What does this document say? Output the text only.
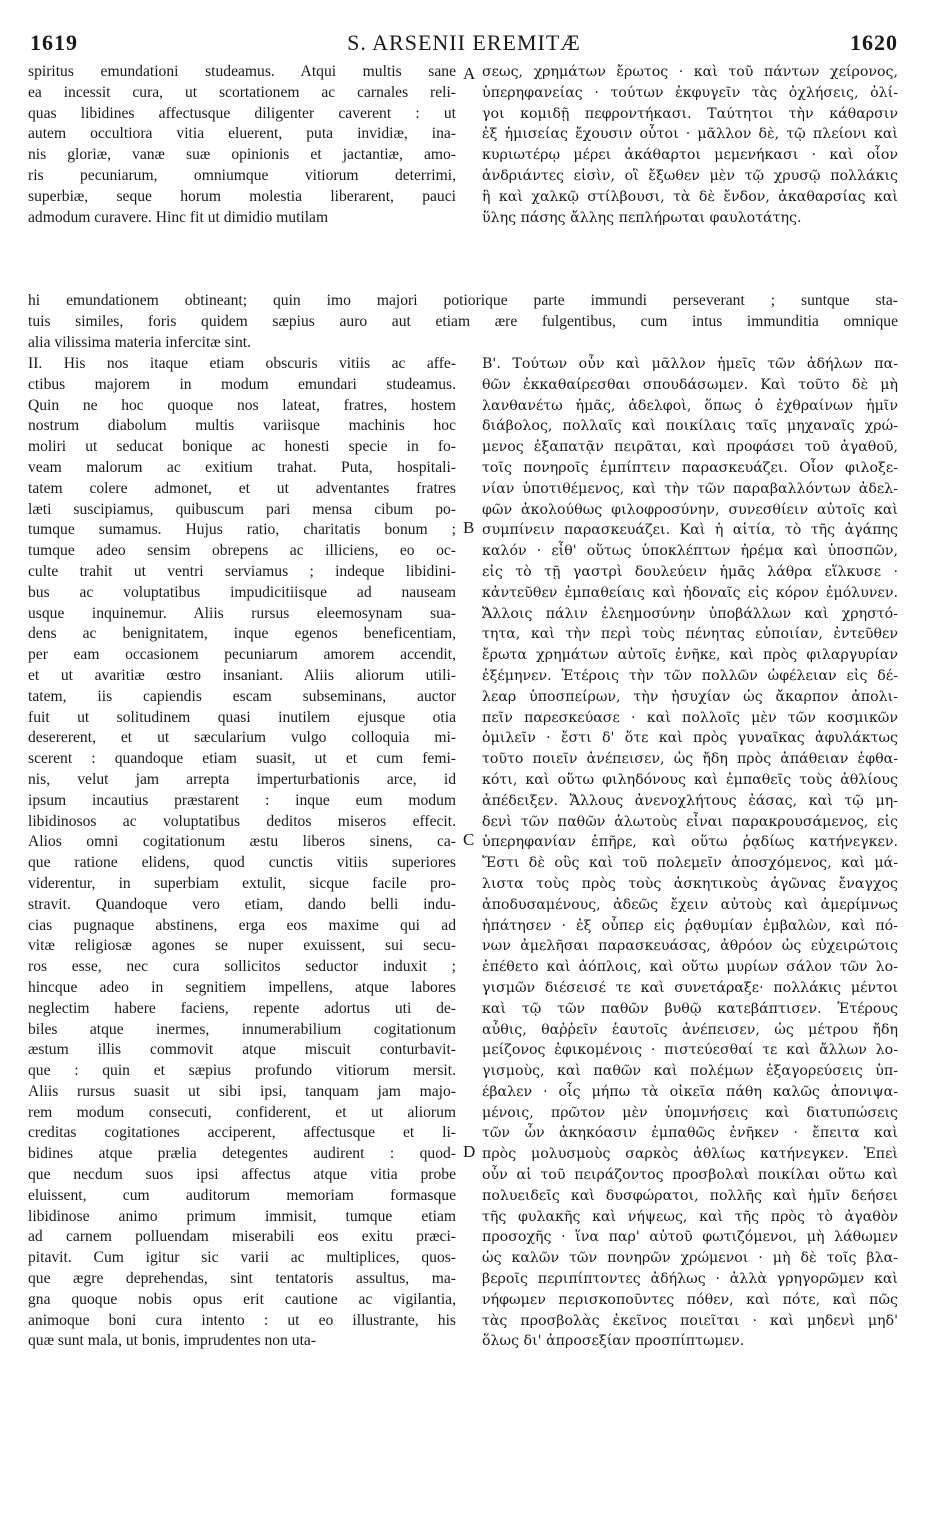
1619	S. ARSENII EREMITÆ	1620
spiritus emundationi studeamus. Atqui multis sane
ea incessit cura, ut scortationem ac carnales reli-
quas libidines affectusque diligenter caverent : ut
autem occultiora vitia eluerent, puta invidiæ, ina-
nis gloriæ, vanæ suæ opinionis et jactantiæ, amo-
ris pecuniarum, omniumque vitiorum deterrimi,
superbiæ, seque horum molestia liberarent, pauci
admodum curavere. Hinc fit ut dimidio mutilam
σεως, χρημάτων ἔρωτος · καὶ τοῦ πάντων χείρονος,
ὑπερηφανείας · τούτων ἐκφυγεῖν τὰς ὀχλήσεις, ὀλί-
γοι κομιδῇ πεφροντήκασι. Ταύτητοι τὴν κάθαρσιν
ἐξ ἡμισείας ἔχουσιν οὗτοι · μᾶλλον δὲ, τῷ πλείονι καὶ
κυριωτέρῳ μέρει ἀκάθαρτοι μεμενήκασι · καὶ οἷον
ἀνδριάντες εἰσὶν, οἳ ἔξωθεν μὲν τῷ χρυσῷ πολλάκις
ἢ καὶ χαλκῷ στίλβουσι, τὰ δὲ ἔνδον, ἀκαθαρσίας καὶ
ὕλης πάσης ἄλλης πεπλήρωται φαυλοτάτης.
hi emundationem obtineant; quin imo majori potiorique parte immundi perseverant ; suntque sta-
tuis similes, foris quidem sæpius auro aut etiam ære fulgentibus, cum intus immunditia omnique
alia vilissima materia infercitæ sint.
II. His nos itaque etiam obscuris vitiis ac affe-
ctibus majorem in modum emundari studeamus.
Quin ne hoc quoque nos lateat, fratres, hostem
nostrum diabolum multis variisque machinis hoc
moliri ut seducat bonique ac honesti specie in fo-
veam malorum ac exitium trahat. Puta, hospitali-
tatem colere admonet, et ut adventantes fratres
læti suscipiamus, quibuscum pari mensa cibum po-
tumque sumamus. Hujus ratio, charitatis bonum ;
tumque adeo sensim obrepens ac illiciens, eo oc-
culte trahit ut ventri serviamus ; indeque libidini-
bus ac voluptatibus impudicitiisque ad nauseam
usque inquinemur. Aliis rursus eleemosynam sua-
dens ac benignitatem, inque egenos beneficentiam,
per eam occasionem pecuniarum amorem accendit,
et ut avaritiæ œstro insaniant. Aliis aliorum utili-
tatem, iis capiendis escam subseminans, auctor
fuit ut solitudinem quasi inutilem ejusque otia
desererent, et ut sæcularium vulgo colloquia mi-
scerent : quandoque etiam suasit, ut et cum femi-
nis, velut jam arrepta imperturbationis arce, id
ipsum incautius præstarent : inque eum modum
libidinosos ac voluptatibus deditos miseros effecit.
Alios omni cogitationum æstu liberos sinens, ca-
que ratione elidens, quod cunctis vitiis superiores
viderentur, in superbiam extulit, sicque facile pro-
stravit. Quandoque vero etiam, dando belli indu-
cias pugnaque abstinens, erga eos maxime qui ad
vitæ religiosæ agones se nuper exuissent, sui secu-
ros esse, nec cura sollicitos seductor induxit ;
hincque adeo in segnitiem impellens, atque labores
neglectim habere faciens, repente adortus uti de-
biles atque inermes, innumerabilium cogitationum
æstum illis commovit atque miscuit conturbavit-
que : quin et sæpius profundo vitiorum mersit.
Aliis rursus suasit ut sibi ipsi, tanquam jam majo-
rem modum consecuti, confiderent, et ut aliorum
creditas cogitationes acciperent, affectusque et li-
bidines atque prælia detegentes audirent : quod-
que necdum suos ipsi affectus atque vitia probe
eluissent, cum auditorum memoriam formasque
libidinose animo primum immisit, tumque etiam
ad carnem polluendam miserabili eos exitu præci-
pitavit. Cum igitur sic varii ac multiplices, quos-
que ægre deprehendas, sint tentatoris assultus, ma-
gna quoque nobis opus erit cautione ac vigilantia,
animoque boni cura intento : ut eo illustrante, his
quæ sunt mala, ut bonis, imprudentes non uta-
Β'. Τούτων οὖν καὶ μᾶλλον ἡμεῖς τῶν ἀδήλων πα-
θῶν ἐκκαθαίρεσθαι σπουδάσωμεν. Καὶ τοῦτο δὲ μὴ
λανθανέτω ἡμᾶς, ἀδελφοὶ, ὅπως ὁ ἐχθραίνων ἡμῖν
διάβολος, πολλαῖς καὶ ποικίλαις ταῖς μηχαναῖς χρώ-
μενος ἐξαπατᾷν πειρᾶται, καὶ προφάσει τοῦ ἀγαθοῦ,
τοῖς πονηροῖς ἐμπίπτειν παρασκευάζει. Οἷον φιλοξε-
νίαν ὑποτιθέμενος, καὶ τὴν τῶν παραβαλλόντων ἀδελ-
φῶν ἀκολούθως φιλοφροσύνην, συνεσθίειν αὐτοῖς καὶ
συμπίνειν παρασκευάζει. Καὶ ἡ αἰτία, τὸ τῆς ἀγάπης
καλόν · εἶθ' οὕτως ὑποκλέπτων ἠρέμα καὶ ὑποσπῶν,
εἰς τὸ τῇ γαστρὶ δουλεύειν ἡμᾶς λάθρα εἵλκυσε ·
κἀντεῦθεν ἐμπαθείαις καὶ ἡδοναῖς εἰς κόρον ἐμόλυνεν.
Ἄλλοις πάλιν ἐλεημοσύνην ὑποβάλλων καὶ χρηστό-
τητα, καὶ τὴν περὶ τοὺς πένητας εὐποιίαν, ἐντεῦθεν
ἔρωτα χρημάτων αὐτοῖς ἐνῆκε, καὶ πρὸς φιλαργυρίαν
ἐξέμηνεν. Ἑτέροις τὴν τῶν πολλῶν ὠφέλειαν εἰς δέ-
λεαρ ὑποσπείρων, τὴν ἡσυχίαν ὡς ἄκαρπον ἀπολι-
πεῖν παρεσκεύασε · καὶ πολλοῖς μὲν τῶν κοσμικῶν
ὁμιλεῖν · ἔστι δ' ὅτε καὶ πρὸς γυναῖκας ἀφυλάκτως
τοῦτο ποιεῖν ἀνέπεισεν, ὡς ἤδη πρὸς ἀπάθειαν ἐφθα-
κότι, καὶ οὕτω φιληδόνους καὶ ἐμπαθεῖς τοὺς ἀθλίους
ἀπέδειξεν. Ἄλλους ἀνενοχλήτους ἐάσας, καὶ τῷ μη-
δενὶ τῶν παθῶν ἁλωτοὺς εἶναι παρακρουσάμενος, εἰς
ὑπερηφανίαν ἐπῆρε, καὶ οὕτω ῥᾳδίως κατήνεγκεν.
Ἔστι δὲ οὓς καὶ τοῦ πολεμεῖν ἀποσχόμενος, καὶ μά-
λιστα τοὺς πρὸς τοὺς ἀσκητικοὺς ἀγῶνας ἔναγχος
ἀποδυσαμένους, ἀδεῶς ἔχειν αὐτοὺς καὶ ἀμερίμνως
ἠπάτησεν · ἐξ οὗπερ εἰς ῥᾳθυμίαν ἐμβαλὼν, καὶ πό-
νων ἀμελῆσαι παρασκευάσας, ἀθρόον ὡς εὐχειρώτοις
ἐπέθετο καὶ ἀόπλοις, καὶ οὕτω μυρίων σάλον τῶν λο-
γισμῶν διέσεισέ τε καὶ συνετάραξε· πολλάκις μέντοι
καὶ τῷ τῶν παθῶν βυθῷ κατεβάπτισεν. Ἑτέρους
αὖθις, θαῤῥεῖν ἑαυτοῖς ἀνέπεισεν, ὡς μέτρου ἤδη
μείζονος ἐφικομένοις · πιστεύεσθαί τε καὶ ἄλλων λο-
γισμοὺς, καὶ παθῶν καὶ πολέμων ἐξαγορεύσεις ὑπ-
έβαλεν · οἷς μήπω τὰ οἰκεῖα πάθη καλῶς ἀπονιψα-
μένοις, πρῶτον μὲν ὑπομνήσεις καὶ διατυπώσεις
τῶν ὧν ἀκηκόασιν ἐμπαθῶς ἐνῆκεν · ἔπειτα καὶ
πρὸς μολυσμοὺς σαρκὸς ἀθλίως κατήνεγκεν. Ἐπεὶ
οὖν αἱ τοῦ πειράζοντος προσβολαὶ ποικίλαι οὕτω καὶ
πολυειδεῖς καὶ δυσφώρατοι, πολλῆς καὶ ἡμῖν δεήσει
τῆς φυλακῆς καὶ νήψεως, καὶ τῆς πρὸς τὸ ἀγαθὸν
προσοχῆς · ἵνα παρ' αὐτοῦ φωτιζόμενοι, μὴ λάθωμεν
ὡς καλῶν τῶν πονηρῶν χρώμενοι · μὴ δὲ τοῖς βλα-
βεροῖς περιπίπτοντες ἀδήλως · ἀλλὰ γρηγορῶμεν καὶ
νήφωμεν περισκοποῦντες πόθεν, καὶ πότε, καὶ πῶς
τὰς προσβολὰς ἐκεῖνος ποιεῖται · καὶ μηδενὶ μηδ'
ὅλως δι' ἀπροσεξίαν προσπίπτωμεν.
A
B
C
D
